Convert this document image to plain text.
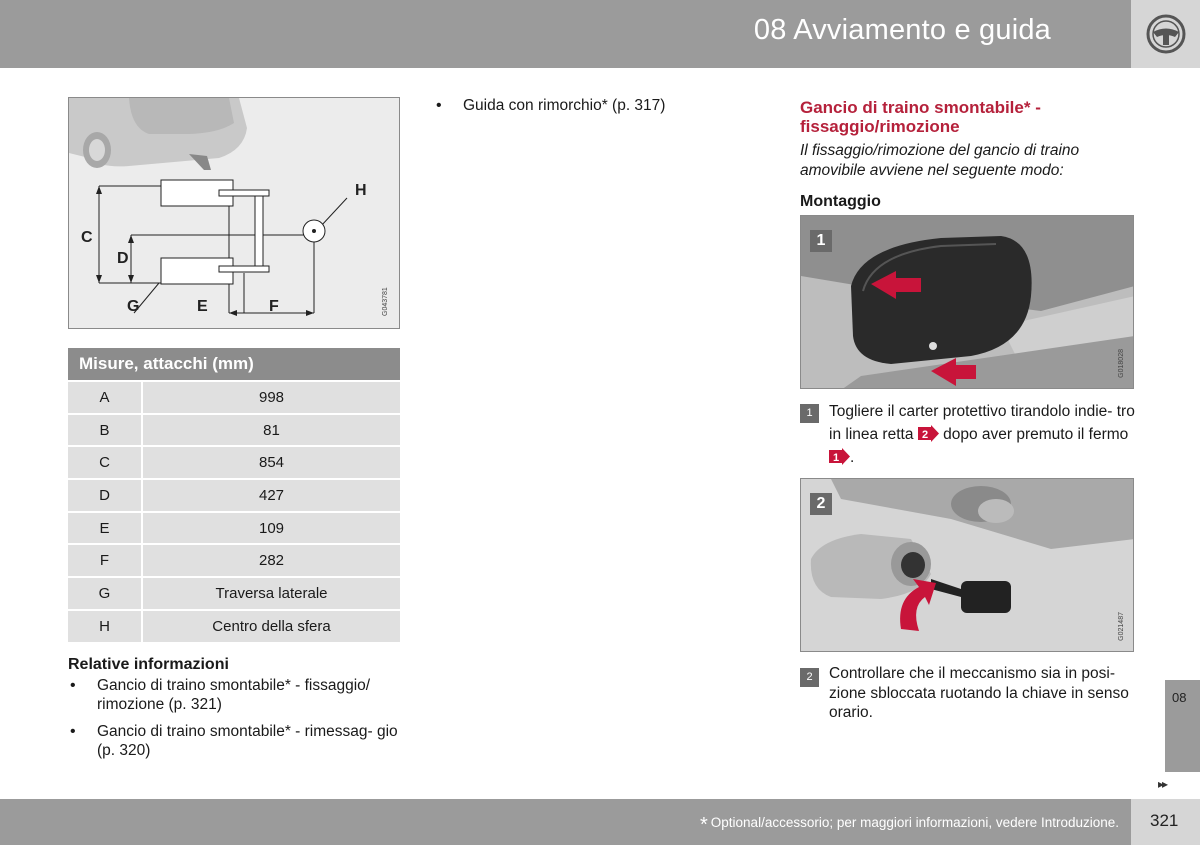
08 Avviamento e guida
C
D
G	E	F
H
G043781
Misure, attacchi (mm)
A	998
B	81
C	854
D	427
E	109
F	282
G	Traversa laterale
H	Centro della sfera
Relative informazioni
• Gancio di traino smontabile* - fissaggio/ rimozione (p. 321)
• Gancio di traino smontabile* - rimessag- gio (p. 320)
• Guida con rimorchio* (p. 317)	Gancio di traino smontabile* - fissaggio/rimozione
Il fissaggio/rimozione del gancio di traino amovibile avviene nel seguente modo:
Montaggio
1
G018028
1	Togliere il carter protettivo tirandolo indie- tro in linea retta 2 dopo aver premuto il fermo
1 .
2
G021487
2	Controllare che il meccanismo sia in posi- zione sbloccata ruotando la chiave in senso orario.
08
▸▸
* Optional/accessorio; per maggiori informazioni, vedere Introduzione. 321
